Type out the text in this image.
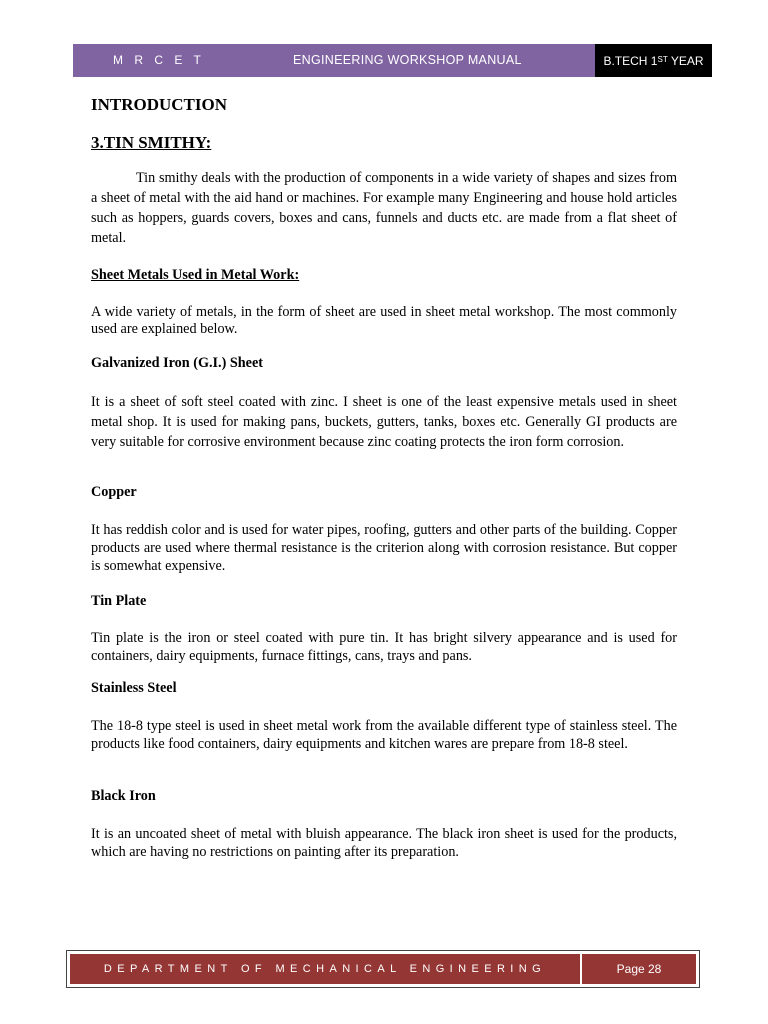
M R C E T	ENGINEERING WORKSHOP MANUAL	B.TECH 1ST YEAR
INTRODUCTION
3.TIN SMITHY:

Tin smithy deals with the production of components in a wide variety of shapes and sizes from a sheet of metal with the aid hand or machines. For example many Engineering and house hold articles such as hoppers, guards covers, boxes and cans, funnels and ducts etc. are made from a flat sheet of metal.

Sheet Metals Used in Metal Work:

A wide variety of metals, in the form of sheet are used in sheet metal workshop. The most commonly used are explained below.

Galvanized Iron (G.I.) Sheet

It is a sheet of soft steel coated with zinc. I sheet is one of the least expensive metals used in sheet metal shop. It is used for making pans, buckets, gutters, tanks, boxes etc. Generally GI products are very suitable for corrosive environment because zinc coating protects the iron form corrosion.

Copper

It has reddish color and is used for water pipes, roofing, gutters and other parts of the building. Copper products are used where thermal resistance is the criterion along with corrosion resistance. But copper is somewhat expensive.

Tin Plate

Tin plate is the iron or steel coated with pure tin. It has bright silvery appearance and is used for containers, dairy equipments, furnace fittings, cans, trays and pans.

Stainless Steel

The 18-8 type steel is used in sheet metal work from the available different type of stainless steel. The products like food containers, dairy equipments and kitchen wares are prepare from 18-8 steel.

Black Iron

It is an uncoated sheet of metal with bluish appearance. The black iron sheet is used for the products, which are having no restrictions on painting after its preparation.

DEPARTMENT OF MECHANICAL ENGINEERING	Page 28
